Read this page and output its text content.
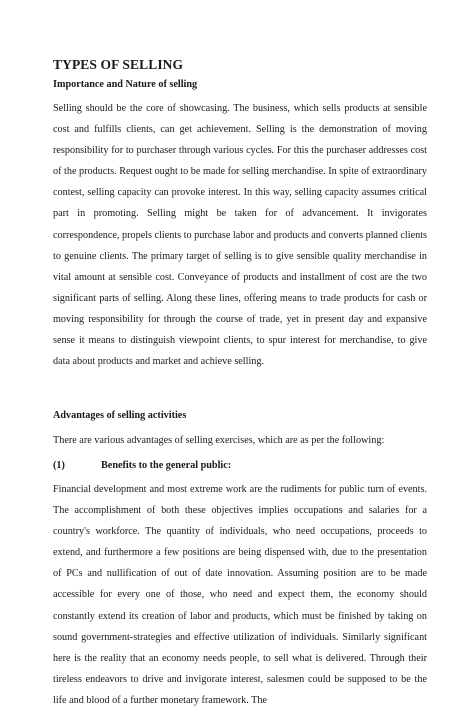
TYPES OF SELLING
Importance and Nature of selling
Selling should be the core of showcasing. The business, which sells products at sensible cost and fulfills clients, can get achievement. Selling is the demonstration of moving responsibility for to purchaser through various cycles. For this the purchaser addresses cost of the products. Request ought to be made for selling merchandise. In spite of extraordinary contest, selling capacity can provoke interest. In this way, selling capacity assumes critical part in promoting. Selling might be taken for of advancement. It invigorates correspondence, propels clients to purchase labor and products and converts planned clients to genuine clients. The primary target of selling is to give sensible quality merchandise in vital amount at sensible cost. Conveyance of products and installment of cost are the two significant parts of selling. Along these lines, offering means to trade products for cash or moving responsibility for through the course of trade, yet in present day and expansive sense it means to distinguish viewpoint clients, to spur interest for merchandise, to give data about products and market and achieve selling.
Advantages of selling activities
There are various advantages of selling exercises, which are as per the following:
(1)	Benefits to the general public:
Financial development and most extreme work are the rudiments for public turn of events. The accomplishment of both these objectives implies occupations and salaries for a country's workforce. The quantity of individuals, who need occupations, proceeds to extend, and furthermore a few positions are being dispensed with, due to the presentation of PCs and nullification of out of date innovation. Assuming position are to be made accessible for every one of those, who need and expect them, the economy should constantly extend its creation of labor and products, which must be finished by taking on sound government-strategies and effective utilization of individuals. Similarly significant here is the reality that an economy needs people, to sell what is delivered. Through their tireless endeavors to drive and invigorate interest, salesmen could be supposed to be the life and blood of a further monetary framework. The
